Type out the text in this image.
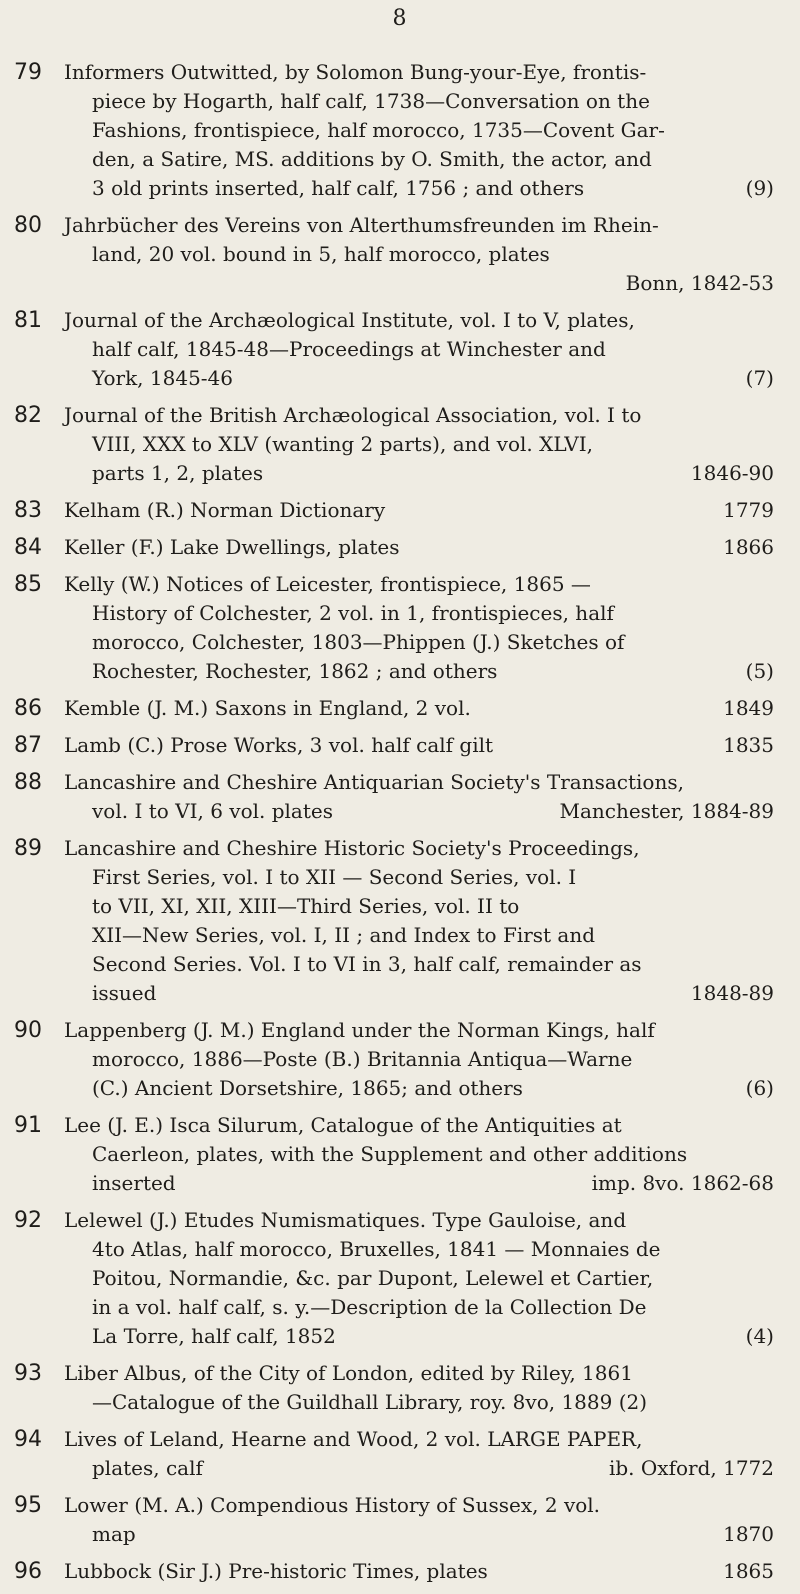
8
79	Informers Outwitted, by Solomon Bung-your-Eye, frontis-
piece by Hogarth, half calf, 1738—Conversation on the
Fashions, frontispiece, half morocco, 1735—Covent Gar-
den, a Satire, MS. additions by O. Smith, the actor, and
3 old prints inserted, half calf, 1756 ; and others	(9)
80	Jahrbücher des Vereins von Alterthumsfreunden im Rhein-
land, 20 vol. bound in 5, half morocco, plates
Bonn, 1842-53
81	Journal of the Archæological Institute, vol. I to V, plates,
half calf, 1845-48—Proceedings at Winchester and
York, 1845-46	(7)
82	Journal of the British Archæological Association, vol. I to
VIII, XXX to XLV (wanting 2 parts), and vol. XLVI,
parts 1, 2, plates	1846-90
83	Kelham (R.) Norman Dictionary	1779
84	Keller (F.) Lake Dwellings, plates	1866
85	Kelly (W.) Notices of Leicester, frontispiece, 1865 —
History of Colchester, 2 vol. in 1, frontispieces, half
morocco, Colchester, 1803—Phippen (J.) Sketches of
Rochester, Rochester, 1862 ; and others	(5)
86	Kemble (J. M.) Saxons in England, 2 vol.	1849
87	Lamb (C.) Prose Works, 3 vol. half calf gilt	1835
88	Lancashire and Cheshire Antiquarian Society's Transactions,
vol. I to VI, 6 vol. plates	Manchester, 1884-89
89	Lancashire and Cheshire Historic Society's Proceedings,
First Series, vol. I to XII — Second Series, vol. I
to VII, XI, XII, XIII—Third Series, vol. II to
XII—New Series, vol. I, II ; and Index to First and
Second Series. Vol. I to VI in 3, half calf, remainder as
issued	1848-89
90	Lappenberg (J. M.) England under the Norman Kings, half
morocco, 1886—Poste (B.) Britannia Antiqua—Warne
(C.) Ancient Dorsetshire, 1865; and others	(6)
91	Lee (J. E.) Isca Silurum, Catalogue of the Antiquities at
Caerleon, plates, with the Supplement and other additions
inserted	imp. 8vo. 1862-68
92	Lelewel (J.) Etudes Numismatiques. Type Gauloise, and
4to Atlas, half morocco, Bruxelles, 1841 — Monnaies de
Poitou, Normandie, &c. par Dupont, Lelewel et Cartier,
in a vol. half calf, s. y.—Description de la Collection De
La Torre, half calf, 1852	(4)
93	Liber Albus, of the City of London, edited by Riley, 1861
—Catalogue of the Guildhall Library, roy. 8vo, 1889 (2)
94	Lives of Leland, Hearne and Wood, 2 vol. LARGE PAPER,
plates, calf	ib. Oxford, 1772
95	Lower (M. A.) Compendious History of Sussex, 2 vol.
map	1870
96	Lubbock (Sir J.) Pre-historic Times, plates	1865
